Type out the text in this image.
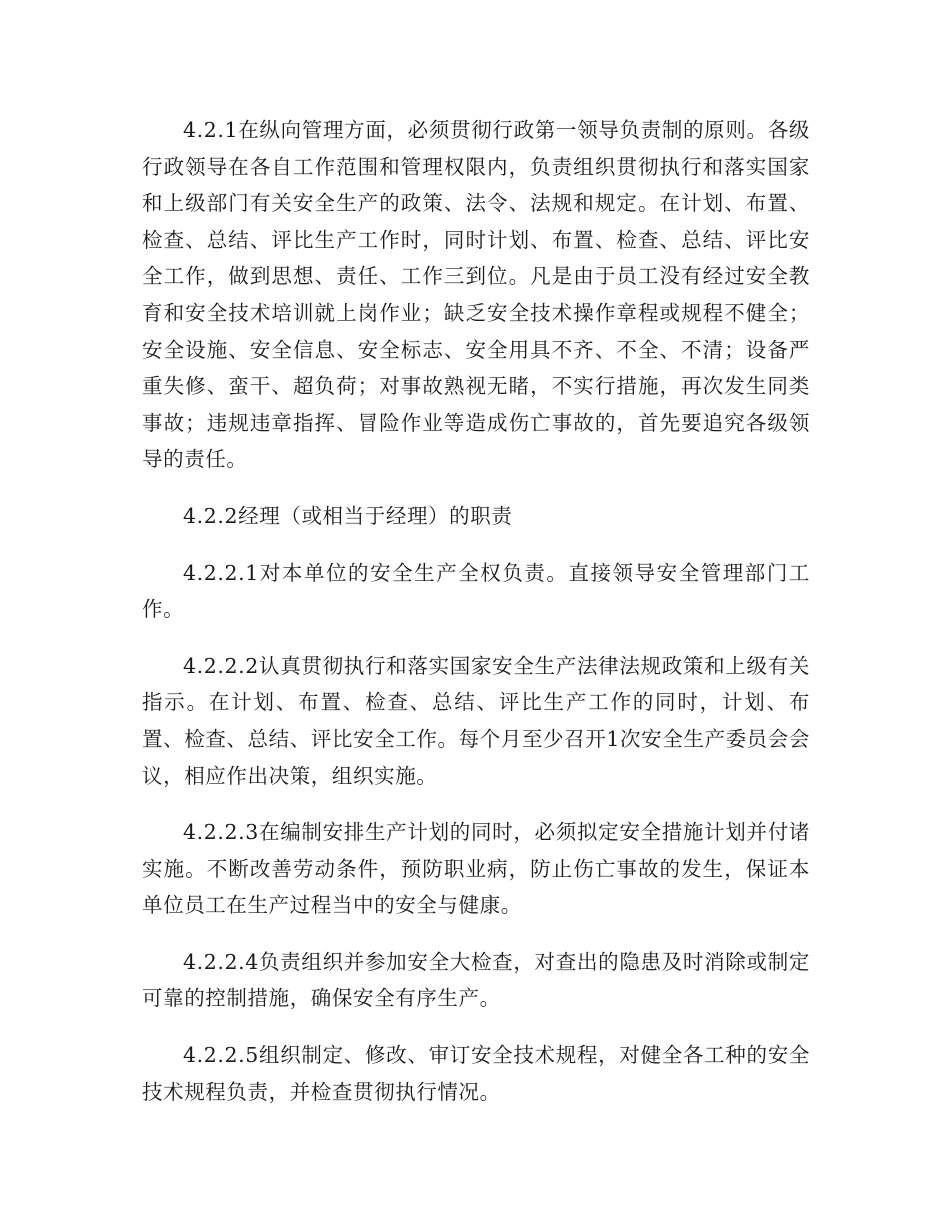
4.2.1在纵向管理方面，必须贯彻行政第一领导负责制的原则。各级行政领导在各自工作范围和管理权限内，负责组织贯彻执行和落实国家和上级部门有关安全生产的政策、法令、法规和规定。在计划、布置、检查、总结、评比生产工作时，同时计划、布置、检查、总结、评比安全工作，做到思想、责任、工作三到位。凡是由于员工没有经过安全教育和安全技术培训就上岗作业；缺乏安全技术操作章程或规程不健全；安全设施、安全信息、安全标志、安全用具不齐、不全、不清；设备严重失修、蛮干、超负荷；对事故熟视无睹，不实行措施，再次发生同类事故；违规违章指挥、冒险作业等造成伤亡事故的，首先要追究各级领导的责任。

4.2.2经理（或相当于经理）的职责

4.2.2.1对本单位的安全生产全权负责。直接领导安全管理部门工作。

4.2.2.2认真贯彻执行和落实国家安全生产法律法规政策和上级有关指示。在计划、布置、检查、总结、评比生产工作的同时，计划、布置、检查、总结、评比安全工作。每个月至少召开1次安全生产委员会会议，相应作出决策，组织实施。

4.2.2.3在编制安排生产计划的同时，必须拟定安全措施计划并付诸实施。不断改善劳动条件，预防职业病，防止伤亡事故的发生，保证本单位员工在生产过程当中的安全与健康。

4.2.2.4负责组织并参加安全大检查，对查出的隐患及时消除或制定可靠的控制措施，确保安全有序生产。

4.2.2.5组织制定、修改、审订安全技术规程，对健全各工种的安全技术规程负责，并检查贯彻执行情况。
